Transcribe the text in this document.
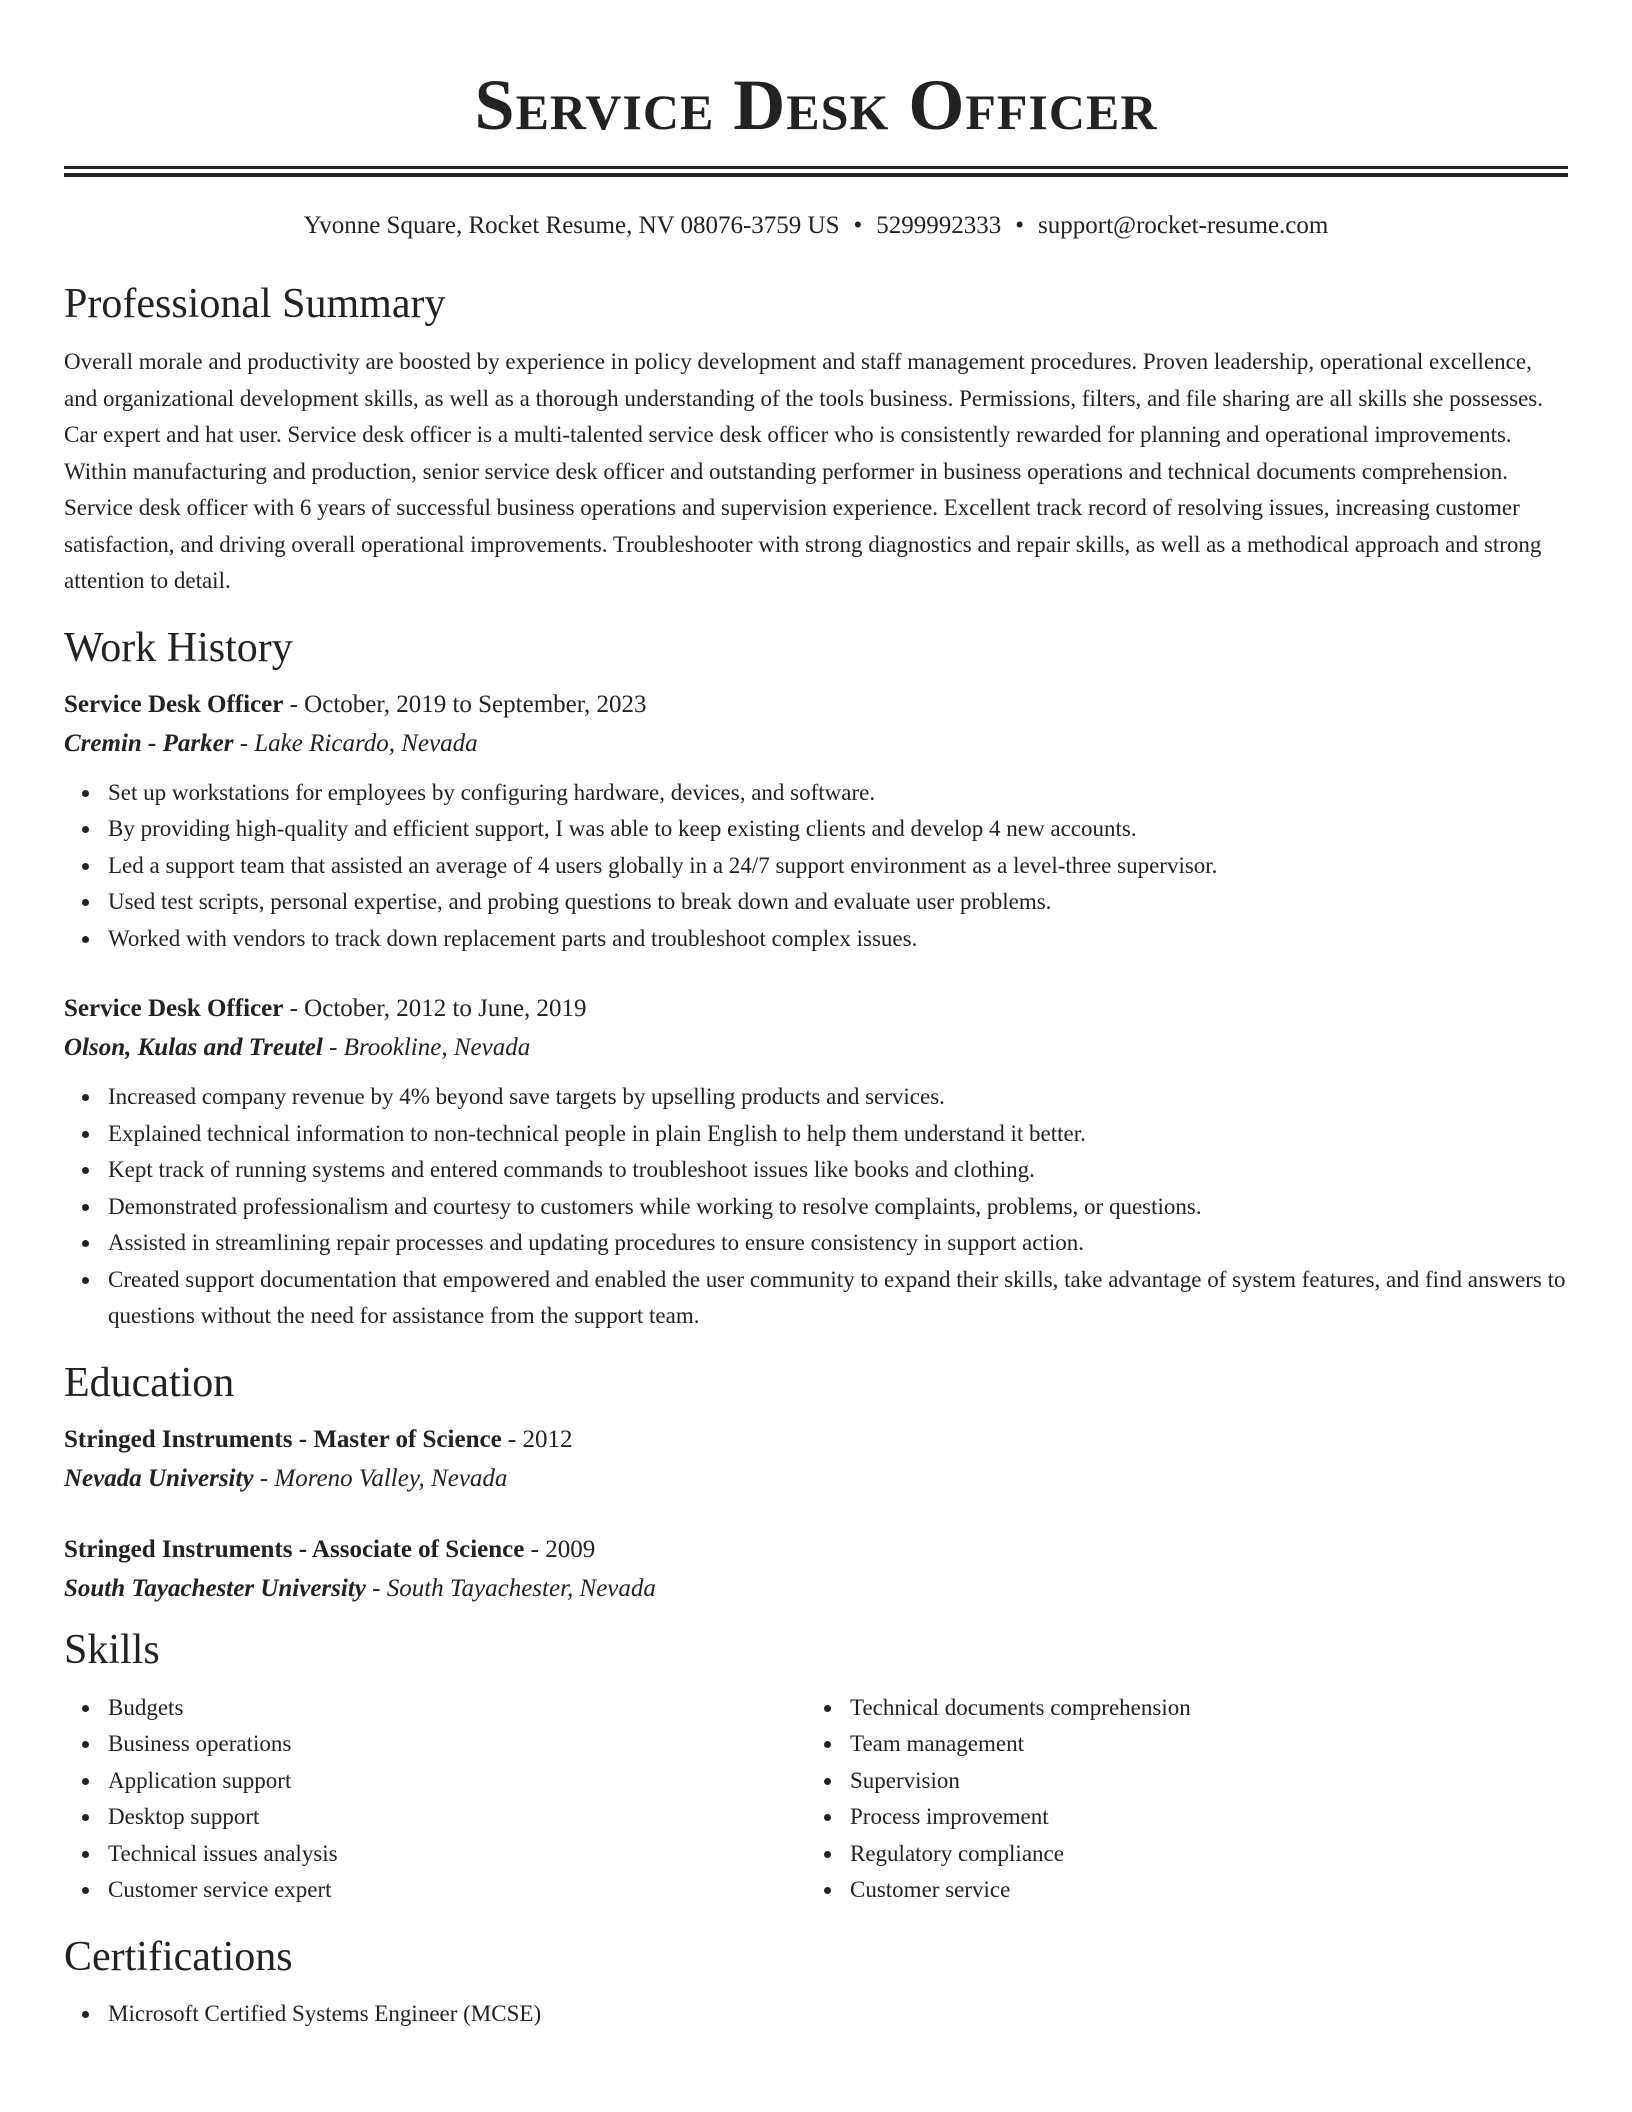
Service Desk Officer
Yvonne Square, Rocket Resume, NV 08076-3759 US • 5299992333 • support@rocket-resume.com
Professional Summary

Overall morale and productivity are boosted by experience in policy development and staff management procedures. Proven leadership, operational excellence, and organizational development skills, as well as a thorough understanding of the tools business. Permissions, filters, and file sharing are all skills she possesses. Car expert and hat user. Service desk officer is a multi-talented service desk officer who is consistently rewarded for planning and operational improvements. Within manufacturing and production, senior service desk officer and outstanding performer in business operations and technical documents comprehension. Service desk officer with 6 years of successful business operations and supervision experience. Excellent track record of resolving issues, increasing customer satisfaction, and driving overall operational improvements. Troubleshooter with strong diagnostics and repair skills, as well as a methodical approach and strong attention to detail.

Work History
Service Desk Officer - October, 2019 to September, 2023
Cremin - Parker - Lake Ricardo, Nevada
Set up workstations for employees by configuring hardware, devices, and software.
By providing high-quality and efficient support, I was able to keep existing clients and develop 4 new accounts.
Led a support team that assisted an average of 4 users globally in a 24/7 support environment as a level-three supervisor.
Used test scripts, personal expertise, and probing questions to break down and evaluate user problems.
Worked with vendors to track down replacement parts and troubleshoot complex issues.
Service Desk Officer - October, 2012 to June, 2019
Olson, Kulas and Treutel - Brookline, Nevada
Increased company revenue by 4% beyond save targets by upselling products and services.
Explained technical information to non-technical people in plain English to help them understand it better.
Kept track of running systems and entered commands to troubleshoot issues like books and clothing.
Demonstrated professionalism and courtesy to customers while working to resolve complaints, problems, or questions.
Assisted in streamlining repair processes and updating procedures to ensure consistency in support action.
Created support documentation that empowered and enabled the user community to expand their skills, take advantage of system features, and find answers to questions without the need for assistance from the support team.
Education
Stringed Instruments - Master of Science - 2012
Nevada University - Moreno Valley, Nevada
Stringed Instruments - Associate of Science - 2009
South Tayachester University - South Tayachester, Nevada
Skills
Budgets
Business operations
Application support
Desktop support
Technical issues analysis
Customer service expert
Technical documents comprehension
Team management
Supervision
Process improvement
Regulatory compliance
Customer service
Certifications
Microsoft Certified Systems Engineer (MCSE)
